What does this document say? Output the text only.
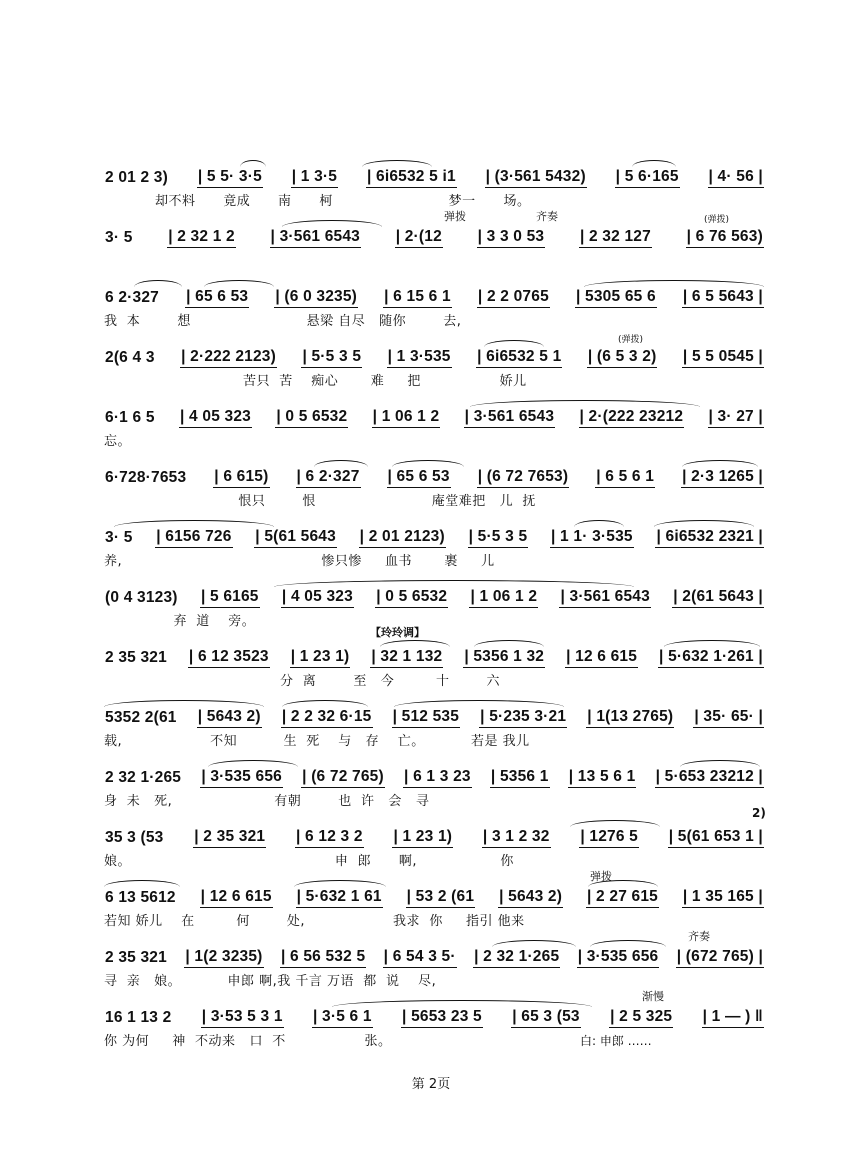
2 01 2 3) | 5 5· 3·5 | 1 3·5 | 6i6532 5 i1 | (3·561 5432) | 5 6·165 | 4· 56 |
却不料      竟成      南      柯                         梦一      场。
弹拨	齐奏	(弹拨)
3· 5 | 2 32 1 2 | 3·561 6543 | 2·(12 | 3 3 0 53 | 2 32 127 | 6 76 563)
6 2·327 | 65 6 53 | (6 0 3235) | 6 15 6 1 | 2 2 0765 | 5305 65 6 | 6 5 5643 |
我  本        想                         悬梁 自尽   随你        去,
(弹拨)
2(6 4 3 | 2·222 2123) | 5·5 3 5 | 1 3·535 | 6i6532 5 1 | (6 5 3 2) | 5 5 0545 |
苦只  苦    痴心       难     把                 娇儿
6·1 6 5 | 4 05 323 | 0 5 6532 | 1 06 1 2 | 3·561 6543 | 2·(222 23212 | 3· 27 |
忘。
6·728·7653 | 6 615) | 6 2·327 | 65 6 53 | (6 72 7653) | 6 5 6 1 | 2·3 1265 |
恨只        恨                         庵堂难把   儿  抚
3· 5 | 6156 726 | 5(61 5643 | 2 01 2123) | 5·5 3 5 | 1 1· 3·535 | 6i6532 2321 |
养,                                           惨只惨     血书       裹     儿
(0 4 3123) | 5 6165 | 4 05 323 | 0 5 6532 | 1 06 1 2 | 3·561 6543 | 2(61 5643 |
弃  道    旁。
【玲玲调】
2 35 321 | 6 12 3523 | 1 23 1) | 32 1 132 | 5356 1 32 | 12 6 615 | 5·632 1·261 |
分  离        至   今         十        六
5352 2(61 | 5643 2) | 2 2 32 6·15 | 512 535 | 5·235 3·21 | 1(13 2765) | 35· 65· |
载,                   不知          生  死    与   存    亡。          若是 我儿
2 32 1·265 | 3·535 656 | (6 72 765) | 6 1 3 23 | 5356 1 | 13 5 6 1 | 5·653 23212 |
身  未   死,                      有朝        也  许   会   寻
2)
35 3 (53 | 2 35 321 | 6 12 3 2 | 1 23 1) | 3 1 2 32 | 1276 5 | 5(61 653 1 |
娘。                                            申  郎      啊,                  你
弹拨
6 13 5612 | 12 6 615 | 5·632 1 61 | 53 2 (61 | 5643 2) | 2 27 615 | 1 35 165 |
若知 娇儿    在         何        处,                   我求  你     指引 他来
齐奏
2 35 321 | 1(2 3235) | 6 56 532 5 | 6 54 3 5· | 2 32 1·265 | 3·535 656 | (672 765) |
寻  亲   娘。          申郎 啊,我 千言 万语  都  说    尽,
渐慢
16 1 13 2 | 3·53 5 3 1 | 3·5 6 1 | 5653 23 5 | 65 3 (53 | 2 5 325 | 1 — ) ‖
你 为何     神  不动来   口  不                 张。	白: 申郎 ……
第 2页
